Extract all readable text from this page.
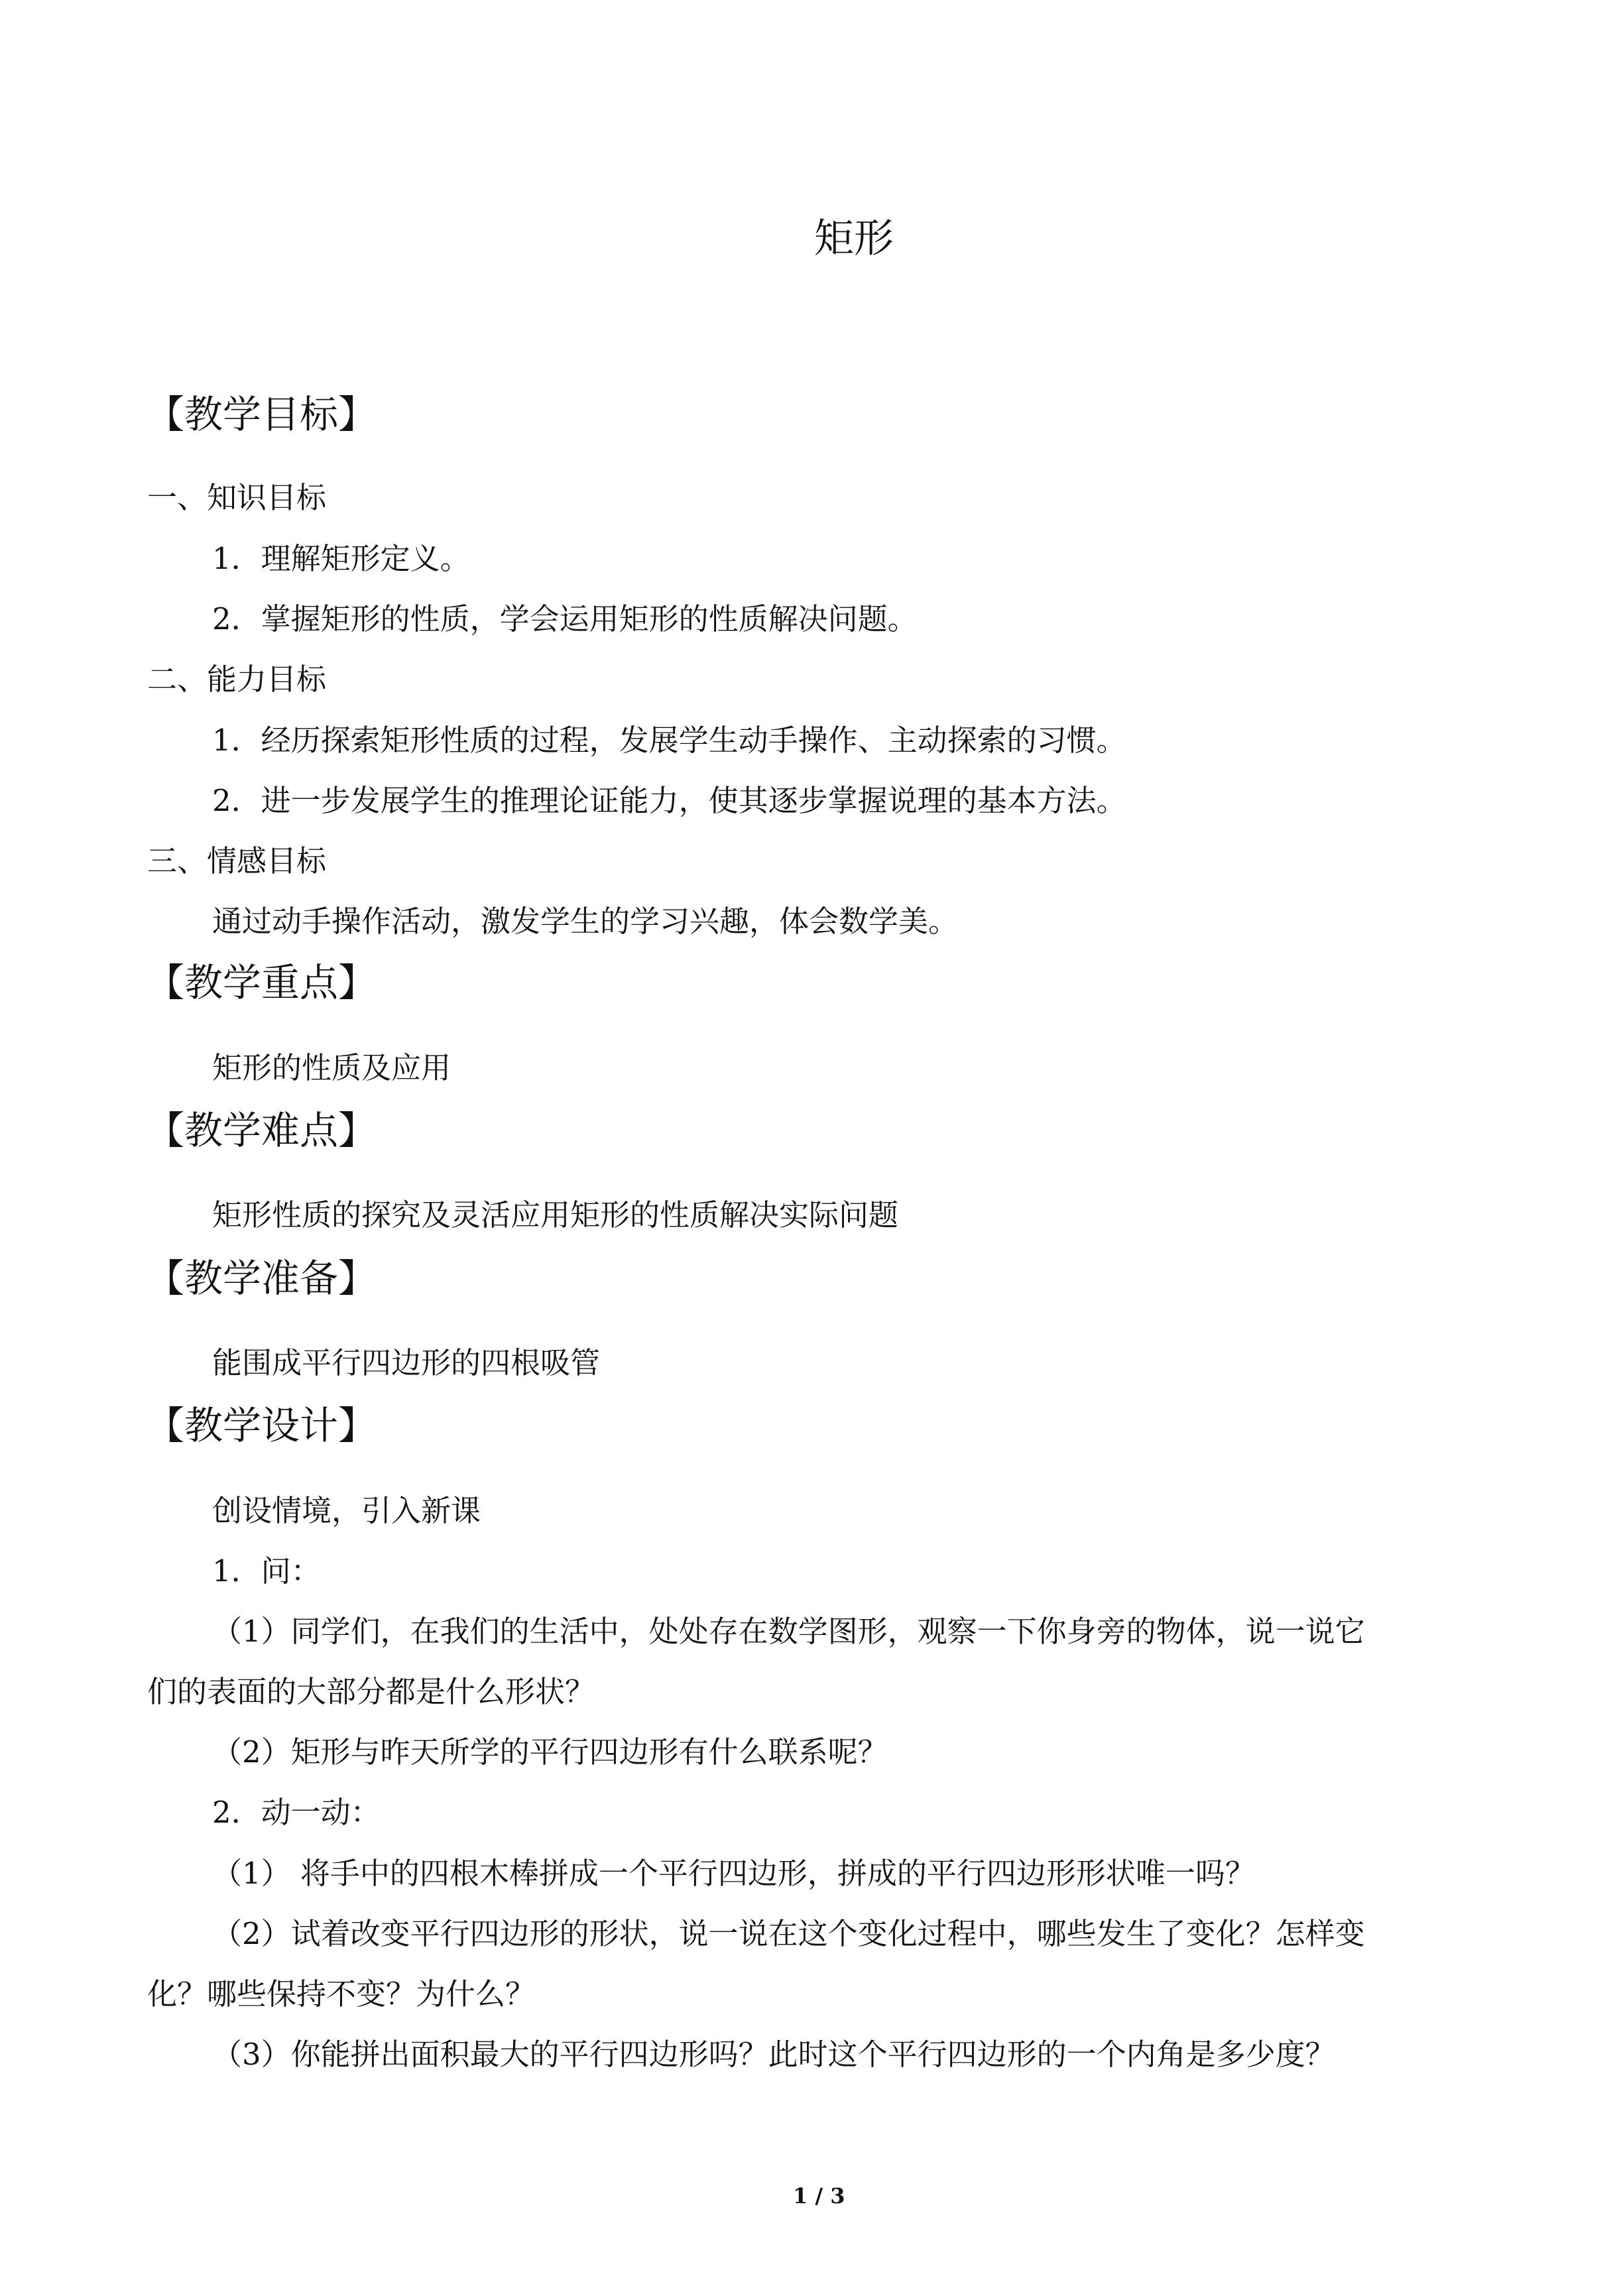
矩形
【教学目标】
一、知识目标
1．理解矩形定义。
2．掌握矩形的性质，学会运用矩形的性质解决问题。
二、能力目标
1．经历探索矩形性质的过程，发展学生动手操作、主动探索的习惯。
2．进一步发展学生的推理论证能力，使其逐步掌握说理的基本方法。
三、情感目标
通过动手操作活动，激发学生的学习兴趣，体会数学美。
【教学重点】
矩形的性质及应用
【教学难点】
矩形性质的探究及灵活应用矩形的性质解决实际问题
【教学准备】
能围成平行四边形的四根吸管
【教学设计】
创设情境，引入新课
1．问：
（1）同学们，在我们的生活中，处处存在数学图形，观察一下你身旁的物体，说一说它
们的表面的大部分都是什么形状？
（2）矩形与昨天所学的平行四边形有什么联系呢？
2．动一动：
（1） 将手中的四根木棒拼成一个平行四边形，拼成的平行四边形形状唯一吗？
（2）试着改变平行四边形的形状，说一说在这个变化过程中，哪些发生了变化？怎样变
化？哪些保持不变？为什么？
（3）你能拼出面积最大的平行四边形吗？此时这个平行四边形的一个内角是多少度？
1 / 3
